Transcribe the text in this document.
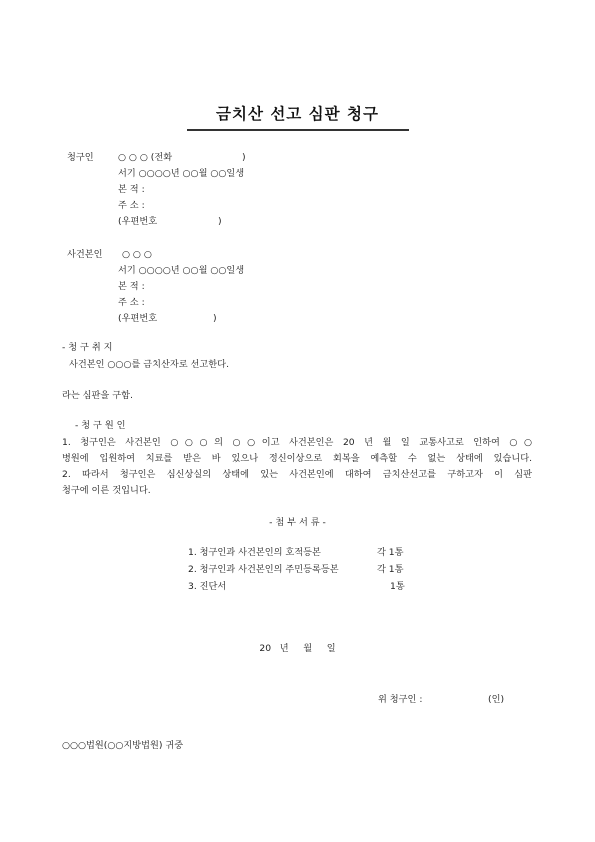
금치산 선고 심판 청구
청구인	○ ○ ○ (전화	)
서기 ○○○○년 ○○월 ○○일생
본 적 :
주 소 :
(우편번호	)
사건본인 ○ ○ ○
서기 ○○○○년 ○○월 ○○일생
본 적 :
주 소 :
(우편번호	)
- 청 구 취 지
사건본인 ○○○를 금치산자로 선고한다.
라는 심판을 구함.
- 청 구 원 인
1. 청구인은 사건본인 ○○○의 ○○이고 사건본인은 20 년 월 일 교통사고로 인하여 ○○
병원에 입원하여 치료를 받은 바 있으나 정신이상으로 회복을 예측할 수 없는 상태에 있습니다.
2. 따라서 청구인은 심신상실의 상태에 있는 사건본인에 대하여 금치산선고를 구하고자 이 심판
청구에 이른 것입니다.
- 첨 부 서 류 -
1. 청구인과 사건본인의 호적등본	각 1통
2. 청구인과 사건본인의 주민등록등본	각 1통
3. 진단서	1통
20   년     월     일
위 청구인 :	(인)
○○○법원(○○지방법원) 귀중
